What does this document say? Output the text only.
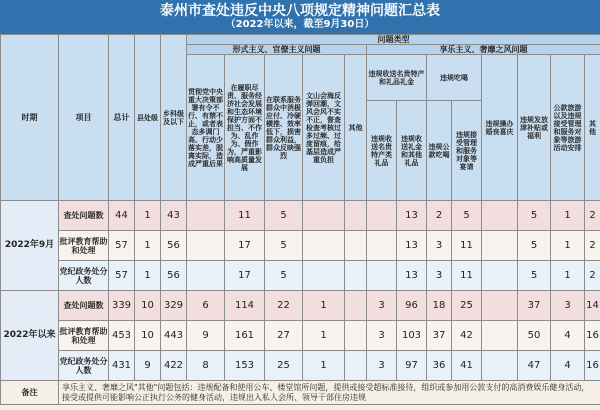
泰州市查处违反中央八项规定精神问题汇总表
（2022年以来，截至9月30日）
时期	项目	总计	县处级	乡科级及以下	问题类型												
					形式主义、官僚主义问题					享乐主义、奢靡之风问题							
					贯彻党中央重大决策部署有令不行、有禁不止，或者表态多调门高、行动少落实差，脱离实际，造成严重后果	在履职尽责、服务经济社会发展和生态环境保护方面不担当、不作为、乱作为、假作为，严重影响高质量发展	在联系服务群众中消极应付、冷硬横推、效率低下，损害群众利益，群众反映强烈	文山会海反弹回潮，文风会风不实不正，督查检查考核过多过频、过度留痕，给基层造成严重负担	其他	违规收送名贵特产和礼品礼金		违规吃喝		违规操办婚丧喜庆	违规发放津补贴或福利	公款旅游以及违规接受管理和服务对象等旅游活动安排	其他
										违规收送名贵特产类礼品	违规收送礼金和其他礼品	违规公款吃喝	违规接受管理和服务对象等宴请				
2022年9月	查处问题数	44	1	43		11	5				13	2	5		5	1	2
	批评教育帮助和处理	57	1	56		17	5				13	3	11		5	1	2
	党纪政务处分人数	57	1	56		17	5				13	3	11		5	1	2
2022年以来	查处问题数	339	10	329	6	114	22	1		3	96	18	25		37	3	14
	批评教育帮助和处理	453	10	443	9	161	27	1		3	103	37	42		50	4	16
	党纪政务处分人数	431	9	422	8	153	25	1		3	97	36	41		47	4	16
备注	享乐主义、奢靡之风"其他"问题包括：违规配备和使用公车、楼堂馆所问题，提供或接受超标准接待，组织或参加用公款支付的高消费娱乐健身活动，接受或提供可能影响公正执行公务的健身活动，违规出入私人会所、领导干部住房违规																
